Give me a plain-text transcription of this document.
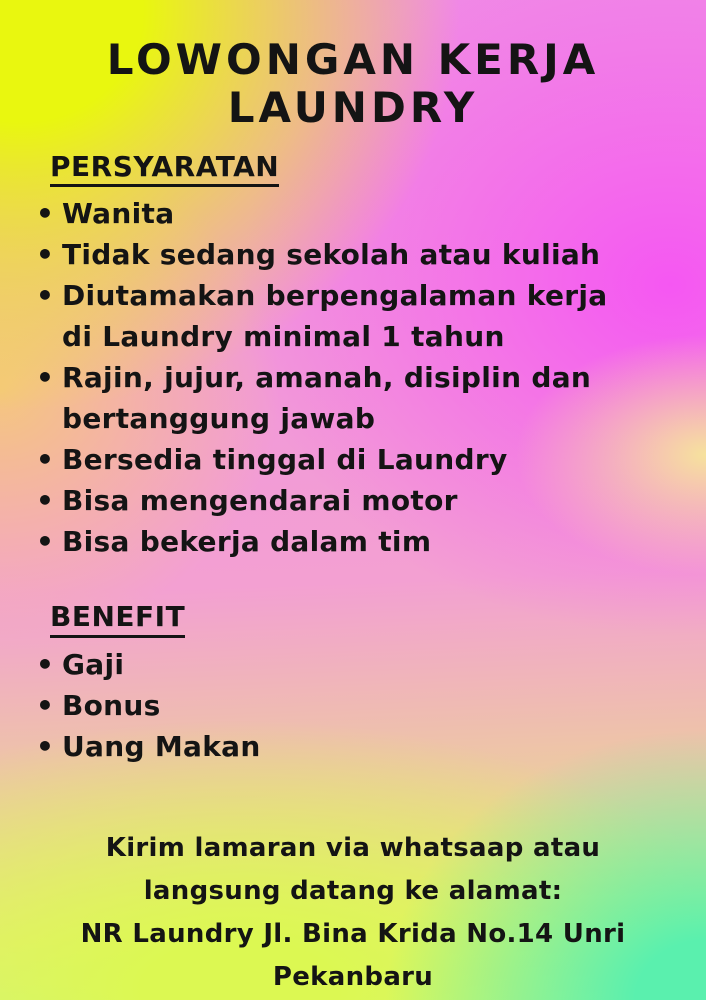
LOWONGAN KERJA
LAUNDRY
PERSYARATAN
• Wanita
• Tidak sedang sekolah atau kuliah
• Diutamakan berpengalaman kerja di Laundry minimal 1 tahun
• Rajin, jujur, amanah, disiplin dan bertanggung jawab
• Bersedia tinggal di Laundry
• Bisa mengendarai motor
• Bisa bekerja dalam tim
BENEFIT
• Gaji
• Bonus
• Uang Makan
Kirim lamaran via whatsaap atau
langsung datang ke alamat:
NR Laundry Jl. Bina Krida No.14 Unri
Pekanbaru
